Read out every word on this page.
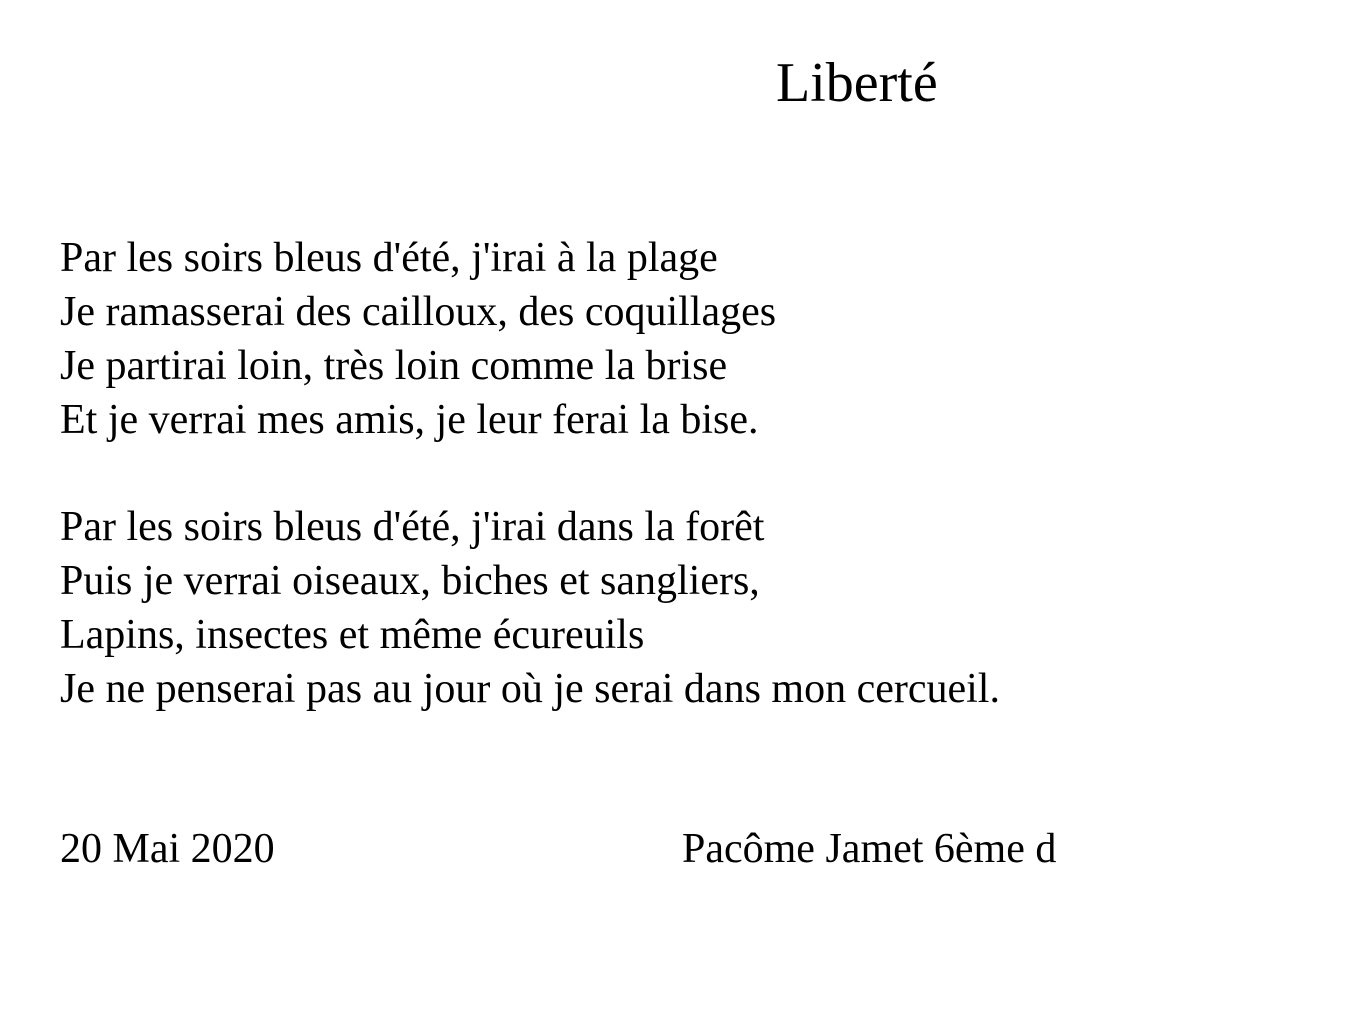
Liberté
Par les soirs bleus d'été, j'irai à la plage
Je ramasserai des cailloux, des coquillages
Je partirai loin, très loin comme la brise
Et je verrai mes amis, je leur ferai la bise.
Par les soirs bleus d'été, j'irai dans la forêt
Puis je verrai oiseaux, biches et sangliers,
Lapins, insectes et même écureuils
Je ne penserai pas au jour où je serai dans mon cercueil.
20 Mai 2020	Pacôme Jamet 6ème d
